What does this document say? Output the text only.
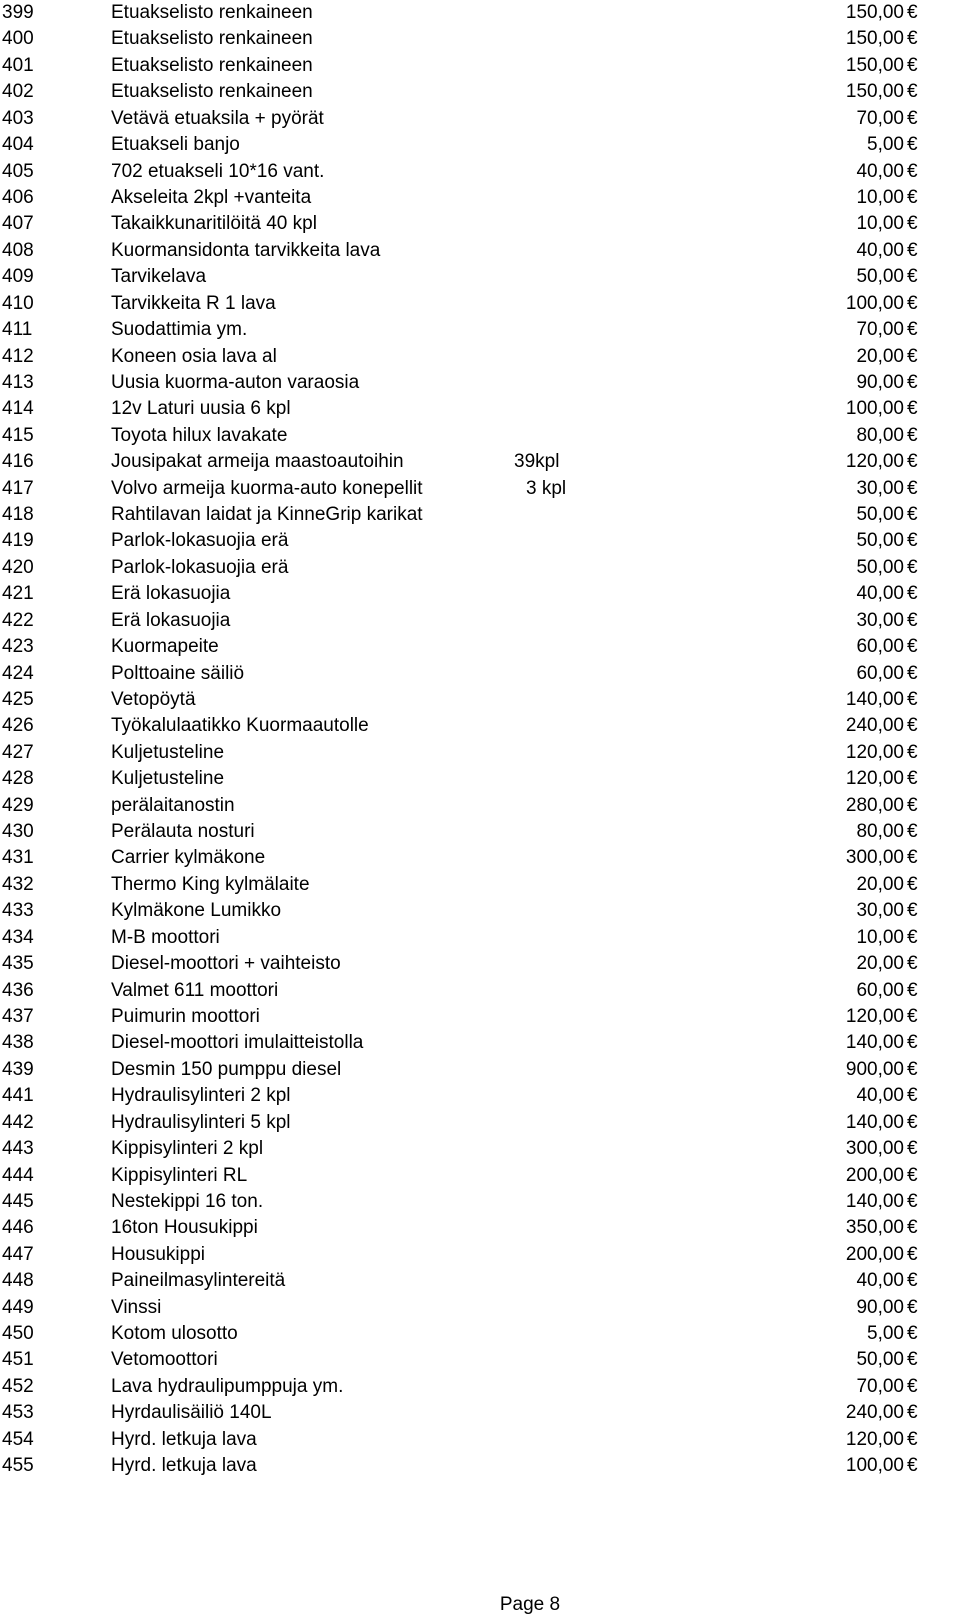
399	Etuakselisto renkaineen	150,00 €
400	Etuakselisto renkaineen	150,00 €
401	Etuakselisto renkaineen	150,00 €
402	Etuakselisto renkaineen	150,00 €
403	Vetävä etuaksila + pyörät	70,00 €
404	Etuakseli banjo	5,00 €
405	702 etuakseli 10*16 vant.	40,00 €
406	Akseleita 2kpl +vanteita	10,00 €
407	Takaikkunaritilöitä 40 kpl	10,00 €
408	Kuormansidonta tarvikkeita lava	40,00 €
409	Tarvikelava	50,00 €
410	Tarvikkeita R 1 lava	100,00 €
411	Suodattimia ym.	70,00 €
412	Koneen osia lava al	20,00 €
413	Uusia kuorma-auton varaosia	90,00 €
414	12v Laturi uusia 6 kpl	100,00 €
415	Toyota hilux lavakate	80,00 €
416	Jousipakat armeija maastoautoihin	39kpl	120,00 €
417	Volvo armeija kuorma-auto konepellit	3 kpl	30,00 €
418	Rahtilavan laidat ja KinneGrip karikat	50,00 €
419	Parlok-lokasuojia erä	50,00 €
420	Parlok-lokasuojia erä	50,00 €
421	Erä lokasuojia	40,00 €
422	Erä lokasuojia	30,00 €
423	Kuormapeite	60,00 €
424	Polttoaine säiliö	60,00 €
425	Vetopöytä	140,00 €
426	Työkalulaatikko Kuormaautolle	240,00 €
427	Kuljetusteline	120,00 €
428	Kuljetusteline	120,00 €
429	perälaitanostin	280,00 €
430	Perälauta nosturi	80,00 €
431	Carrier kylmäkone	300,00 €
432	Thermo King kylmälaite	20,00 €
433	Kylmäkone Lumikko	30,00 €
434	M-B moottori	10,00 €
435	Diesel-moottori + vaihteisto	20,00 €
436	Valmet 611 moottori	60,00 €
437	Puimurin moottori	120,00 €
438	Diesel-moottori imulaitteistolla	140,00 €
439	Desmin 150 pumppu diesel	900,00 €
441	Hydraulisylinteri 2 kpl	40,00 €
442	Hydraulisylinteri 5 kpl	140,00 €
443	Kippisylinteri 2 kpl	300,00 €
444	Kippisylinteri RL	200,00 €
445	Nestekippi 16 ton.	140,00 €
446	16ton Housukippi	350,00 €
447	Housukippi	200,00 €
448	Paineilmasylintereitä	40,00 €
449	Vinssi	90,00 €
450	Kotom ulosotto	5,00 €
451	Vetomoottori	50,00 €
452	Lava hydraulipumppuja ym.	70,00 €
453	Hyrdaulisäiliö 140L	240,00 €
454	Hyrd. letkuja lava	120,00 €
455	Hyrd. letkuja lava	100,00 €
Page 8
